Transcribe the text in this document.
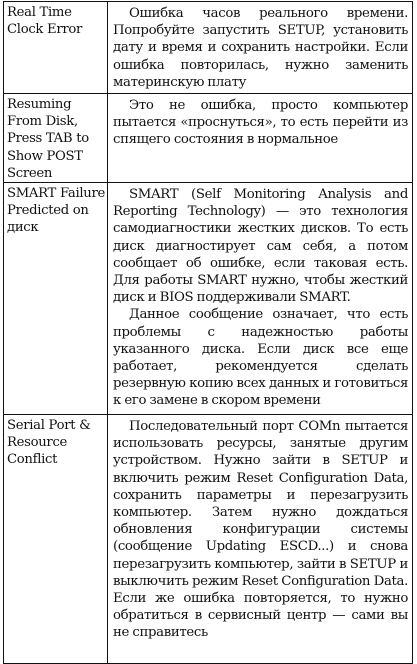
Real Time Clock Error	Ошибка часов реального времени. Попробуйте запустить SETUP, установить дату и время и сохранить настройки. Если ошибка повторилась, нужно заменить материнскую плату

Resuming From Disk, Press TAB to Show POST Screen	Это не ошибка, просто компьютер пытается «проснуться», то есть перейти из спящего состояния в нормальное

SMART Failure Predicted on диск	SMART (Self Monitoring Analysis and Reporting Technology) — это технология самодиагностики жестких дисков. То есть диск диагностирует сам себя, а потом сообщает об ошибке, если таковая есть. Для работы SMART нужно, чтобы жесткий диск и BIOS поддерживали SMART.

Данное сообщение означает, что есть проблемы с надежностью работы указанного диска. Если диск все еще работает, рекомендуется сделать резервную копию всех данных и готовиться к его замене в скором времени

Serial Port & Resource Conflict	Последовательный порт COMn пытается использовать ресурсы, занятые другим устройством. Нужно зайти в SETUP и включить режим Reset Configuration Data, сохранить параметры и перезагрузить компьютер. Затем нужно дождаться обновления конфигурации системы (сообщение Updating ESCD...) и снова перезагрузить компьютер, зайти в SETUP и выключить режим Reset Configuration Data. Если же ошибка повторяется, то нужно обратиться в сервисный центр — сами вы не справитесь
